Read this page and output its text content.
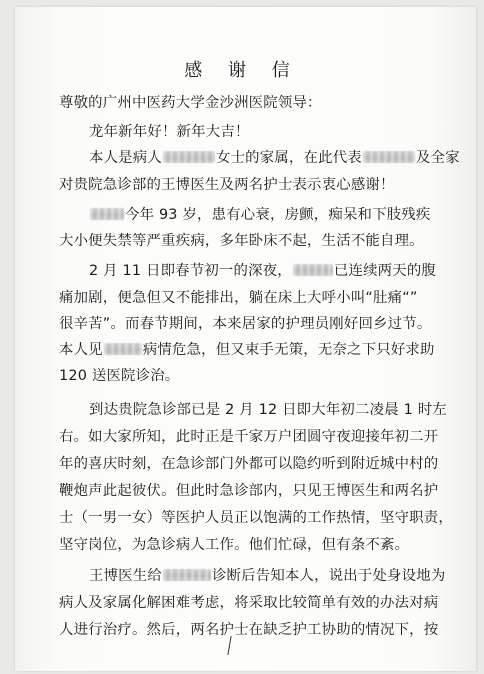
感 谢 信
尊敬的广州中医药大学金沙洲医院领导：
龙年新年好！新年大吉！
本人是病人	女士的家属，在此代表	及全家
对贵院急诊部的王博医生及两名护士表示衷心感谢！
今年 93 岁，患有心衰，房颤，痴呆和下肢残疾
大小便失禁等严重疾病，多年卧床不起，生活不能自理。
2 月 11 日即春节初一的深夜，	已连续两天的腹
痛加剧，便急但又不能排出，躺在床上大呼小叫“肚痛“”
很辛苦”。而春节期间，本来居家的护理员刚好回乡过节。
本人见	病情危急，但又束手无策，无奈之下只好求助
120 送医院诊治。
到达贵院急诊部已是 2 月 12 日即大年初二凌晨 1 时左
右。如大家所知，此时正是千家万户团圆守夜迎接年初二开
年的喜庆时刻，在急诊部门外都可以隐约听到附近城中村的
鞭炮声此起彼伏。但此时急诊部内，只见王博医生和两名护
士（一男一女）等医护人员正以饱满的工作热情，坚守职责，
坚守岗位，为急诊病人工作。他们忙碌，但有条不紊。
王博医生给	诊断后告知本人，说出于处身设地为
病人及家属化解困难考虑，将采取比较简单有效的办法对病
人进行治疗。然后，两名护士在缺乏护工协助的情况下，按
